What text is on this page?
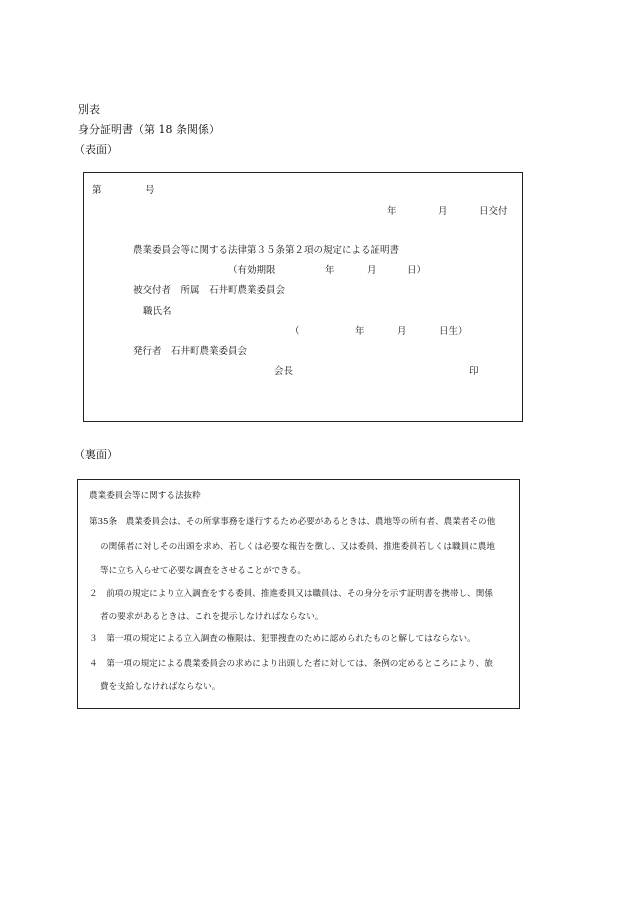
別表
身分証明書（第 18 条関係）
（表面）
第	号
年	月	日交付
農業委員会等に関する法律第３５条第２項の規定による証明書
（有効期限	年	月	日）
被交付者　所属　石井町農業委員会
職氏名
（	年	月	日生）
発行者　石井町農業委員会
会長	印
（裏面）
農業委員会等に関する法抜粋
第35条　農業委員会は、その所掌事務を遂行するため必要があるときは、農地等の所有者、農業者その他
の関係者に対しその出頭を求め、若しくは必要な報告を徴し、又は委員、推進委員若しくは職員に農地
等に立ち入らせて必要な調査をさせることができる。
２　前項の規定により立入調査をする委員、推進委員又は職員は、その身分を示す証明書を携帯し、関係
者の要求があるときは、これを提示しなければならない。
３　第一項の規定による立入調査の権限は、犯罪捜査のために認められたものと解してはならない。
４　第一項の規定による農業委員会の求めにより出頭した者に対しては、条例の定めるところにより、旅
費を支給しなければならない。
